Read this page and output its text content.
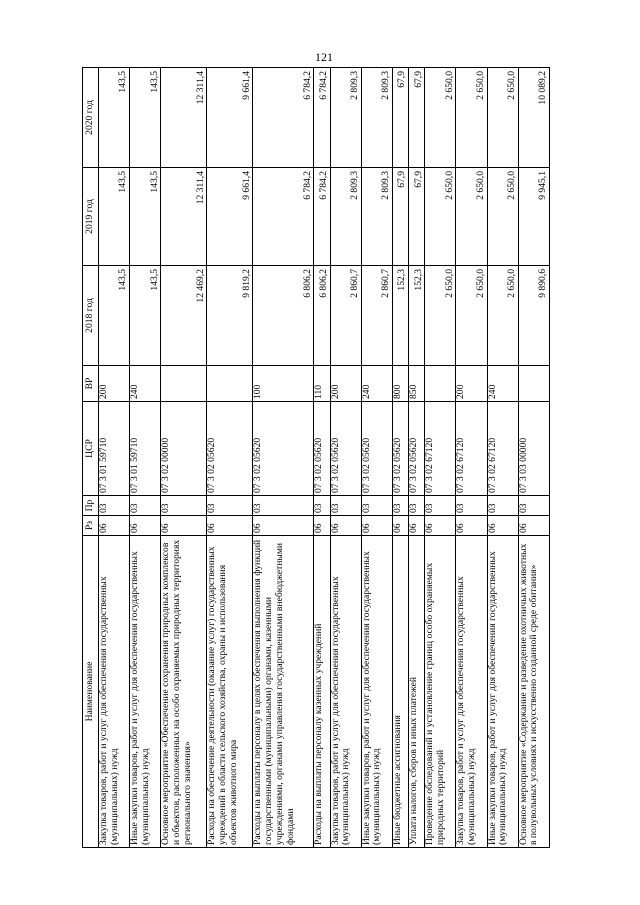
121
Наименование	Рз	Пр	ЦСР	ВР	2018 год	2019 год	2020 год
Закупка товаров, работ и услуг для обеспечения государственных (муниципальных) нужд	06	03	07 3 01 59710	200	143,5	143,5	143,5
Иные закупки товаров, работ и услуг для обеспечения государственных (муниципальных) нужд	06	03	07 3 01 59710	240	143,5	143,5	143,5
Основное мероприятие «Обеспечение сохранения природных комплексов и объектов, расположенных на особо охраняемых природных территориях регионального значения»	06	03	07 3 02 00000		12 469,2	12 311,4	12 311,4
Расходы на обеспечение деятельности (оказание услуг) государственных учреждений в области сельского хозяйства, охраны и использования объектов животного мира	06	03	07 3 02 05620		9 819,2	9 661,4	9 661,4
Расходы на выплаты персоналу в целях обеспечения выполнения функций государственными (муниципальными) органами, казенными учреждениями, органами управления государственными внебюджетными фондами	06	03	07 3 02 05620	100	6 806,2	6 784,2	6 784,2
Расходы на выплаты персоналу казенных учреждений	06	03	07 3 02 05620	110	6 806,2	6 784,2	6 784,2
Закупка товаров, работ и услуг для обеспечения государственных (муниципальных) нужд	06	03	07 3 02 05620	200	2 860,7	2 809,3	2 809,3
Иные закупки товаров, работ и услуг для обеспечения государственных (муниципальных) нужд	06	03	07 3 02 05620	240	2 860,7	2 809,3	2 809,3
Иные бюджетные ассигнования	06	03	07 3 02 05620	800	152,3	67,9	67,9
Уплата налогов, сборов и иных платежей	06	03	07 3 02 05620	850	152,3	67,9	67,9
Проведение обследований и установление границ особо охраняемых природных территорий	06	03	07 3 02 67120		2 650,0	2 650,0	2 650,0
Закупка товаров, работ и услуг для обеспечения государственных (муниципальных) нужд	06	03	07 3 02 67120	200	2 650,0	2 650,0	2 650,0
Иные закупки товаров, работ и услуг для обеспечения государственных (муниципальных) нужд	06	03	07 3 02 67120	240	2 650,0	2 650,0	2 650,0
Основное мероприятие «Содержание и разведение охотничьих животных в полувольных условиях и искусственно созданной среде обитания»	06	03	07 3 03 00000		9 890,6	9 945,1	10 089,2
